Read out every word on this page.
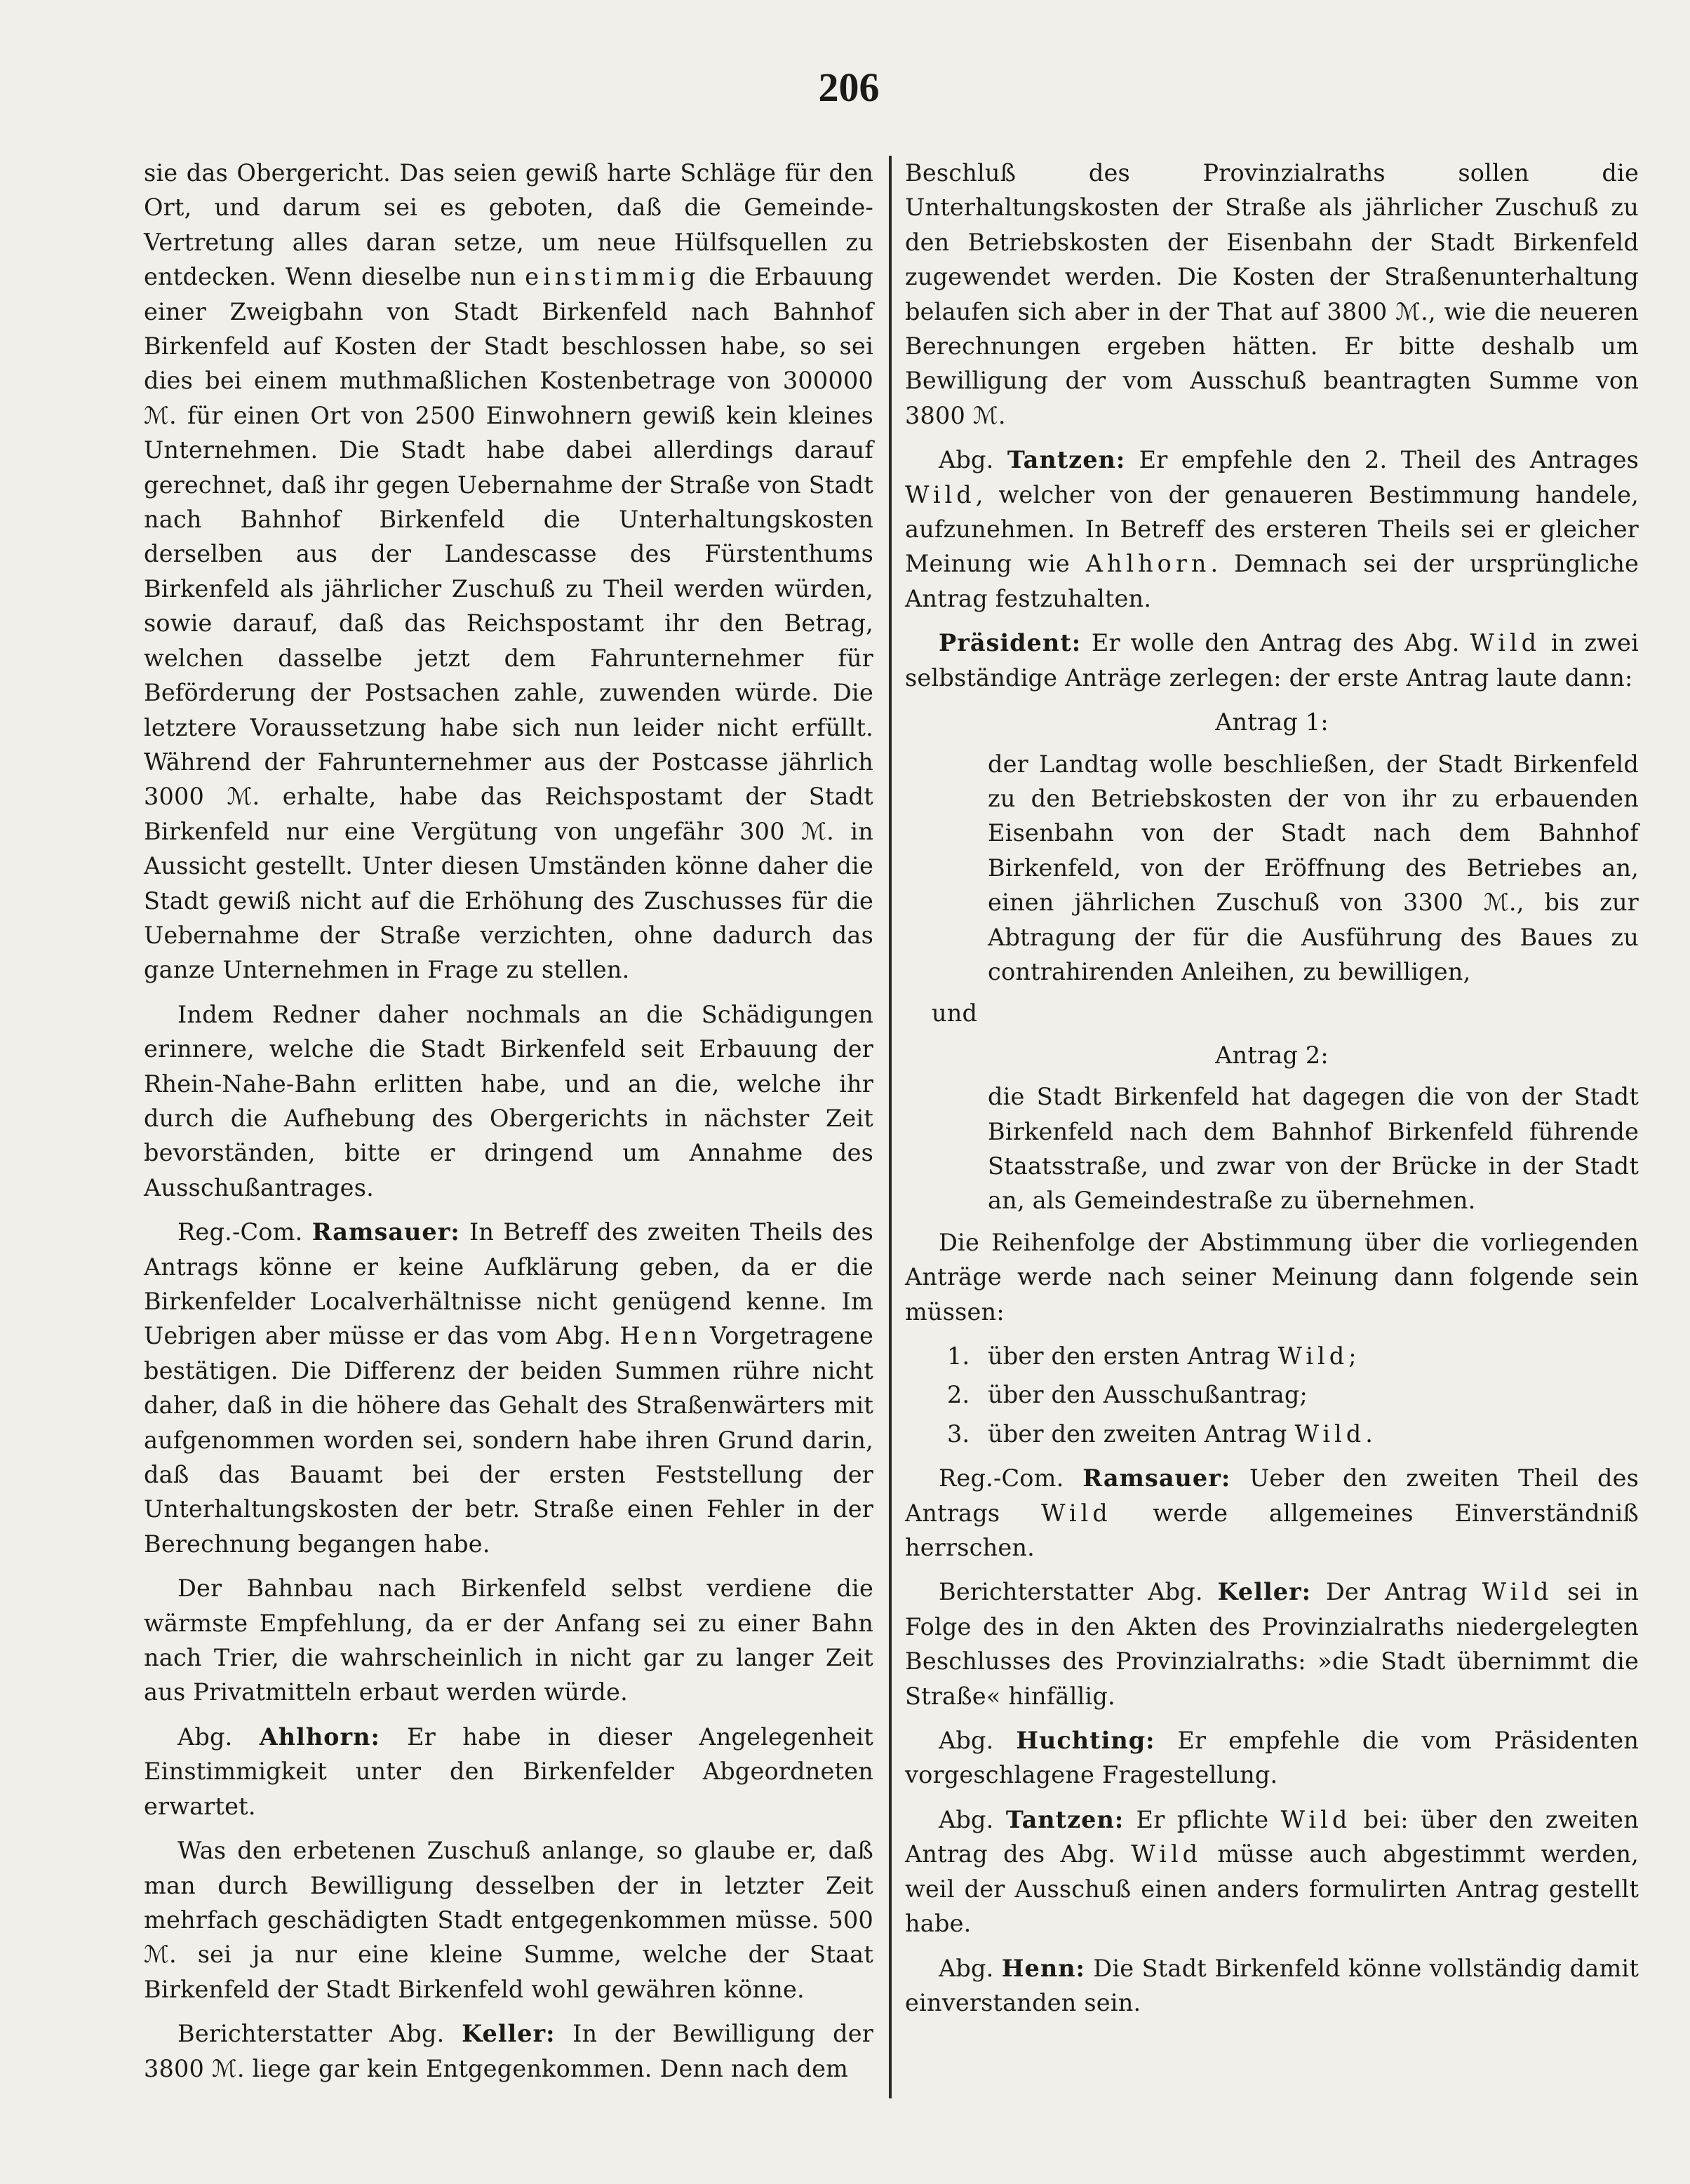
206

sie das Obergericht. Das seien gewiß harte Schläge für den Ort, und darum sei es geboten, daß die Gemeinde-Vertretung alles daran setze, um neue Hülfsquellen zu entdecken. Wenn dieselbe nun einstimmig die Erbauung einer Zweigbahn von Stadt Birkenfeld nach Bahnhof Birkenfeld auf Kosten der Stadt beschlossen habe, so sei dies bei einem muthmaßlichen Kostenbetrage von 300000 ℳ. für einen Ort von 2500 Einwohnern gewiß kein kleines Unternehmen. Die Stadt habe dabei allerdings darauf gerechnet, daß ihr gegen Uebernahme der Straße von Stadt nach Bahnhof Birkenfeld die Unterhaltungskosten derselben aus der Landescasse des Fürstenthums Birkenfeld als jährlicher Zuschuß zu Theil werden würden, sowie darauf, daß das Reichspostamt ihr den Betrag, welchen dasselbe jetzt dem Fahrunternehmer für Beförderung der Postsachen zahle, zuwenden würde. Die letztere Voraussetzung habe sich nun leider nicht erfüllt. Während der Fahrunternehmer aus der Postcasse jährlich 3000 ℳ. erhalte, habe das Reichspostamt der Stadt Birkenfeld nur eine Vergütung von ungefähr 300 ℳ. in Aussicht gestellt. Unter diesen Umständen könne daher die Stadt gewiß nicht auf die Erhöhung des Zuschusses für die Uebernahme der Straße verzichten, ohne dadurch das ganze Unternehmen in Frage zu stellen.

Indem Redner daher nochmals an die Schädigungen erinnere, welche die Stadt Birkenfeld seit Erbauung der Rhein-Nahe-Bahn erlitten habe, und an die, welche ihr durch die Aufhebung des Obergerichts in nächster Zeit bevorständen, bitte er dringend um Annahme des Ausschußantrages.

Reg.-Com. Ramsauer: In Betreff des zweiten Theils des Antrags könne er keine Aufklärung geben, da er die Birkenfelder Localverhältnisse nicht genügend kenne. Im Uebrigen aber müsse er das vom Abg. Henn Vorgetragene bestätigen. Die Differenz der beiden Summen rühre nicht daher, daß in die höhere das Gehalt des Straßenwärters mit aufgenommen worden sei, sondern habe ihren Grund darin, daß das Bauamt bei der ersten Feststellung der Unterhaltungskosten der betr. Straße einen Fehler in der Berechnung begangen habe.

Der Bahnbau nach Birkenfeld selbst verdiene die wärmste Empfehlung, da er der Anfang sei zu einer Bahn nach Trier, die wahrscheinlich in nicht gar zu langer Zeit aus Privatmitteln erbaut werden würde.

Abg. Ahlhorn: Er habe in dieser Angelegenheit Einstimmigkeit unter den Birkenfelder Abgeordneten erwartet.

Was den erbetenen Zuschuß anlange, so glaube er, daß man durch Bewilligung desselben der in letzter Zeit mehrfach geschädigten Stadt entgegenkommen müsse. 500 ℳ. sei ja nur eine kleine Summe, welche der Staat Birkenfeld der Stadt Birkenfeld wohl gewähren könne.

Berichterstatter Abg. Keller: In der Bewilligung der 3800 ℳ. liege gar kein Entgegenkommen. Denn nach dem

Beschluß des Provinzialraths sollen die Unterhaltungskosten der Straße als jährlicher Zuschuß zu den Betriebskosten der Eisenbahn der Stadt Birkenfeld zugewendet werden. Die Kosten der Straßenunterhaltung belaufen sich aber in der That auf 3800 ℳ., wie die neueren Berechnungen ergeben hätten. Er bitte deshalb um Bewilligung der vom Ausschuß beantragten Summe von 3800 ℳ.

Abg. Tantzen: Er empfehle den 2. Theil des Antrages Wild, welcher von der genaueren Bestimmung handele, aufzunehmen. In Betreff des ersteren Theils sei er gleicher Meinung wie Ahlhorn. Demnach sei der ursprüngliche Antrag festzuhalten.

Präsident: Er wolle den Antrag des Abg. Wild in zwei selbständige Anträge zerlegen: der erste Antrag laute dann:

Antrag 1:
der Landtag wolle beschließen, der Stadt Birkenfeld zu den Betriebskosten der von ihr zu erbauenden Eisenbahn von der Stadt nach dem Bahnhof Birkenfeld, von der Eröffnung des Betriebes an, einen jährlichen Zuschuß von 3300 ℳ., bis zur Abtragung der für die Ausführung des Baues zu contrahirenden Anleihen, zu bewilligen,
und
Antrag 2:
die Stadt Birkenfeld hat dagegen die von der Stadt Birkenfeld nach dem Bahnhof Birkenfeld führende Staatsstraße, und zwar von der Brücke in der Stadt an, als Gemeindestraße zu übernehmen.

Die Reihenfolge der Abstimmung über die vorliegenden Anträge werde nach seiner Meinung dann folgende sein müssen:

1. über den ersten Antrag Wild;
2. über den Ausschußantrag;
3. über den zweiten Antrag Wild.

Reg.-Com. Ramsauer: Ueber den zweiten Theil des Antrags Wild werde allgemeines Einverständniß herrschen.

Berichterstatter Abg. Keller: Der Antrag Wild sei in Folge des in den Akten des Provinzialraths niedergelegten Beschlusses des Provinzialraths: »die Stadt übernimmt die Straße« hinfällig.

Abg. Huchting: Er empfehle die vom Präsidenten vorgeschlagene Fragestellung.

Abg. Tantzen: Er pflichte Wild bei: über den zweiten Antrag des Abg. Wild müsse auch abgestimmt werden, weil der Ausschuß einen anders formulirten Antrag gestellt habe.

Abg. Henn: Die Stadt Birkenfeld könne vollständig damit einverstanden sein.
